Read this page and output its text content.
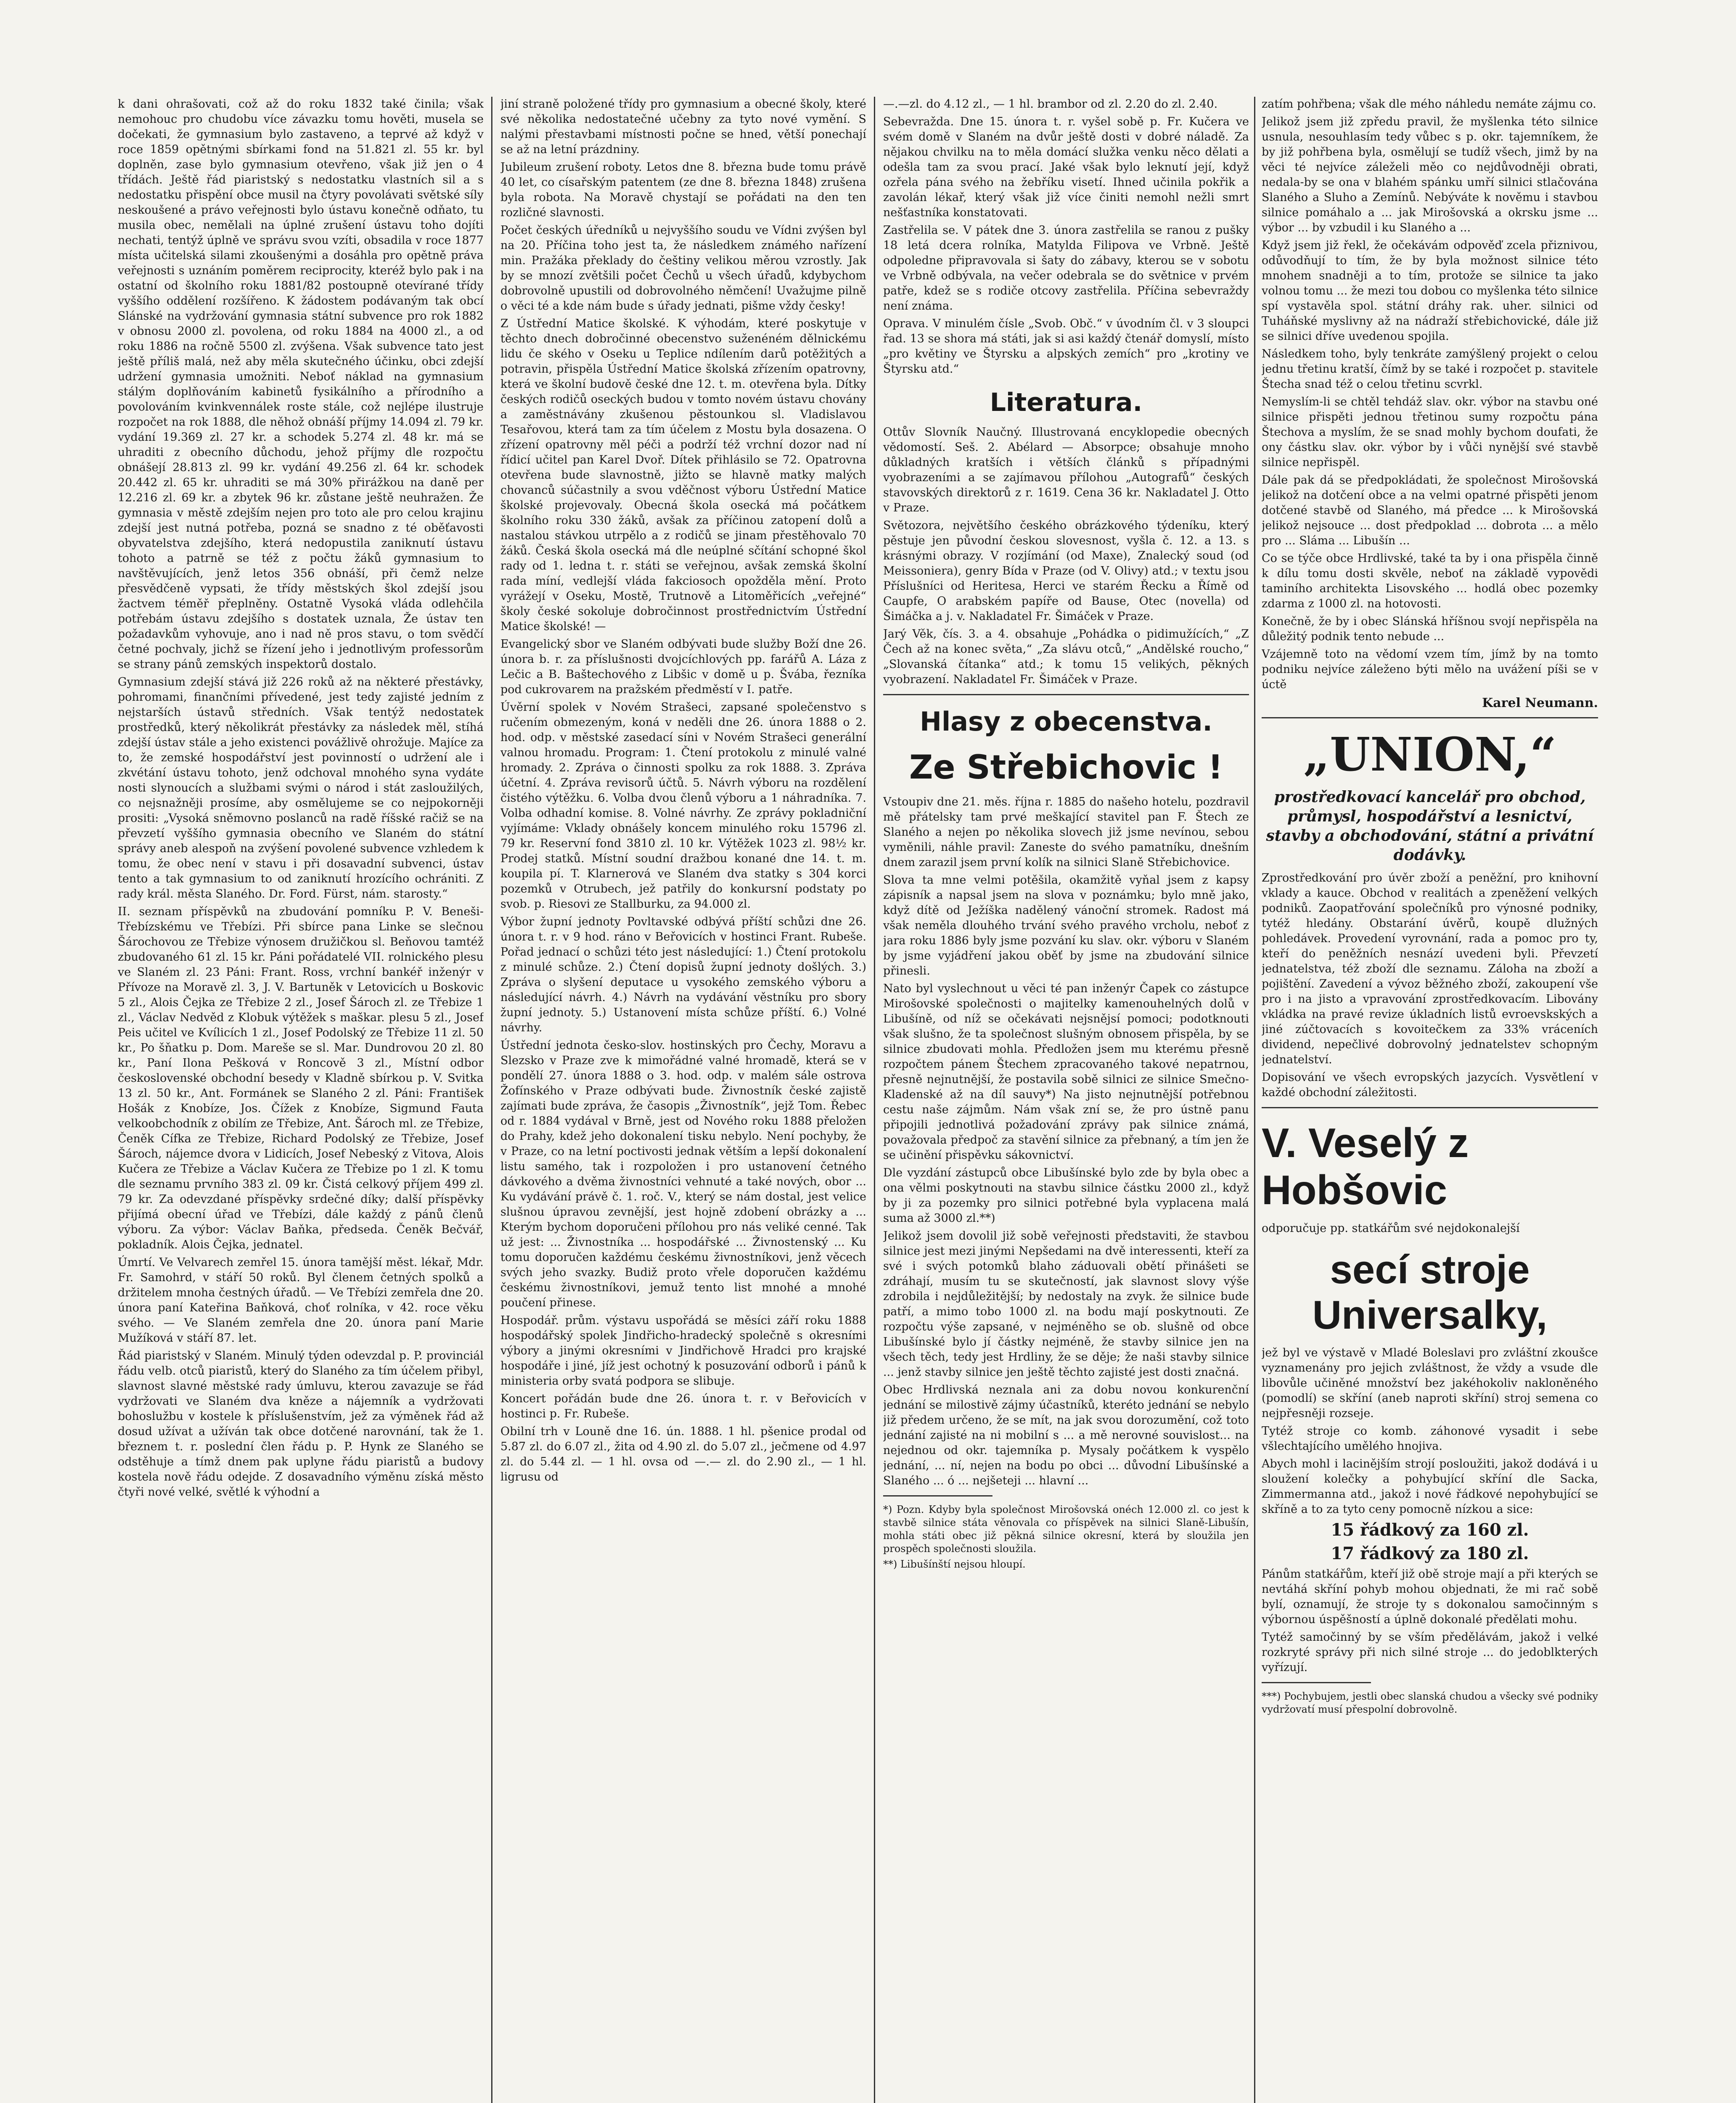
k dani ohrašovati, což až do roku 1832 také činila; však nemohouc pro chudobu více závazku tomu hověti, musela se dočekati, že gymnasium bylo zastaveno, a teprvé až když v roce 1859 opětnými sbírkami fond na 51.821 zl. 55 kr. byl doplněn, zase bylo gymnasium otevřeno, však již jen o 4 třídách. Ještě řád piaristský s nedostatku vlastních sil a s nedostatku přispění obce musil na čtyry povolávati světské síly neskoušené a právo veřejnosti bylo ústavu konečně odňato, tu musila obec, nemělali na úplné zrušení ústavu toho dojíti nechati, tentýž úplně ve správu svou vzíti, obsadila v roce 1877 místa učitelská silami zkoušenými a dosáhla pro opětně práva veřejnosti s uznáním poměrem reciprocity, kteréž bylo pak i na ostatní od školního roku 1881/82 postoupně otevírané třídy vyššího oddělení rozšířeno. K žádostem podávaným tak obcí Slánské na vydržování gymnasia státní subvence pro rok 1882 v obnosu 2000 zl. povolena, od roku 1884 na 4000 zl., a od roku 1886 na ročně 5500 zl. zvýšena. Však subvence tato jest ještě příliš malá, než aby měla skutečného účinku, obci zdejší udržení gymnasia umožniti. Neboť náklad na gymnasium stálým doplňováním kabinetů fysikálního a přírodního a povolováním kvinkvennálek roste stále, což nejlépe ilustruje rozpočet na rok 1888, dle něhož obnáší příjmy 14.094 zl. 79 kr. vydání 19.369 zl. 27 kr. a schodek 5.274 zl. 48 kr. má se uhraditi z obecního důchodu, jehož příjmy dle rozpočtu obnášejí 28.813 zl. 99 kr. vydání 49.256 zl. 64 kr. schodek 20.442 zl. 65 kr. uhraditi se má 30% přirážkou na daně per 12.216 zl. 69 kr. a zbytek 96 kr. zůstane ještě neuhražen. Že gymnasia v městě zdejším nejen pro toto ale pro celou krajinu zdejší jest nutná potřeba, pozná se snadno z té oběťavosti obyvatelstva zdejšího, která nedopustila zaniknutí ústavu tohoto a patrně se též z počtu žáků gymnasium to navštěvujících, jenž letos 356 obnáší, při čemž nelze přesvědčeně vypsati, že třídy městských škol zdejší jsou žactvem téměř přeplněny. Ostatně Vysoká vláda odlehčila potřebám ústavu zdejšího s dostatek uznala, Že ústav ten požadavkům vyhovuje, ano i nad ně pros stavu, o tom svědčí četné pochvaly, jichž se řízení jeho i jednotlivým professorům se strany pánů zemských inspektorů dostalo.

Gymnasium zdejší stává již 226 roků až na některé přestávky, pohromami, finančními přívedené, jest tedy zajisté jedním z nejstarších ústavů středních. Však tentýž nedostatek prostředků, který několikrát přestávky za následek měl, stíhá zdejší ústav stále a jeho existenci povážlivě ohrožuje. Majíce za to, že zemské hospodářství jest povinností o udržení ale i zkvétání ústavu tohoto, jenž odchoval mnohého syna vydáte nosti slynoucích a službami svými o národ i stát zasloužilých, co nejsnažněji prosíme, aby osmělujeme se co nejpokorněji prositi: „Vysoká sněmovno poslanců na radě říšské račiž se na převzetí vyššího gymnasia obecního ve Slaném do státní správy aneb alespoň na zvýšení povolené subvence vzhledem k tomu, že obec není v stavu i při dosavadní subvenci, ústav tento a tak gymnasium to od zaniknutí hrozícího ochrániti. Z rady král. města Slaného. Dr. Ford. Fürst, nám. starosty.“

II. seznam příspěvků na zbudování pomníku P. V. Beneši-Třebízskému ve Třebízi. Při sbírce pana Linke se slečnou Šárochovou ze Třebize výnosem družičkou sl. Beňovou tamtéž zbudovaného 61 zl. 15 kr. Páni pořádatelé VII. rolnického plesu ve Slaném zl. 23 Páni: Frant. Ross, vrchní bankéř inženýr v Přívoze na Moravě zl. 3, J. V. Bartuněk v Letovicích u Boskovic 5 zl., Alois Čejka ze Třebize 2 zl., Josef Šároch zl. ze Třebize 1 zl., Václav Nedvěd z Klobuk výtěžek s maškar. plesu 5 zl., Josef Peis učitel ve Kvílicích 1 zl., Josef Podolský ze Třebize 11 zl. 50 kr., Po šňatku p. Dom. Mareše se sl. Mar. Dundrovou 20 zl. 80 kr., Paní Ilona Pešková v Roncově 3 zl., Místní odbor československé obchodní besedy v Kladně sbírkou p. V. Svitka 13 zl. 50 kr., Ant. Formánek se Slaného 2 zl. Páni: František Hošák z Knobíze, Jos. Čížek z Knobíze, Sigmund Fauta velkoobchodník z obilím ze Třebize, Ant. Šároch ml. ze Třebize, Čeněk Cífka ze Třebize, Richard Podolský ze Třebize, Josef Šároch, nájemce dvora v Lidicích, Josef Nebeský z Vitova, Alois Kučera ze Třebize a Václav Kučera ze Třebize po 1 zl. K tomu dle seznamu prvního 383 zl. 09 kr. Čistá celkový příjem 499 zl. 79 kr. Za odevzdané příspěvky srdečné díky; další příspěvky přijímá obecní úřad ve Třebízi, dále každý z pánů členů výboru. Za výbor: Václav Baňka, předseda. Čeněk Bečvář, pokladník. Alois Čejka, jednatel.

Úmrtí. Ve Velvarech zemřel 15. února tamější měst. lékař, Mdr. Fr. Samohrd, v stáří 50 roků. Byl členem četných spolků a držitelem mnoha čestných úřadů. — Ve Třebízi zemřela dne 20. února paní Kateřina Baňková, choť rolníka, v 42. roce věku svého. — Ve Slaném zemřela dne 20. února paní Marie Mužíková v stáří 87. let.

Řád piaristský v Slaném. Minulý týden odevzdal p. P. provinciál řádu velb. otců piaristů, který do Slaného za tím účelem přibyl, slavnost slavné městské rady úmluvu, kterou zavazuje se řád vydržovati ve Slaném dva kněze a nájemník a vydržovati bohoslužbu v kostele k příslušenstvím, jež za výměnek řád až dosud užívat a užíván tak obce dotčené narovnání, tak že 1. březnem t. r. poslední člen řádu p. P. Hynk ze Slaného se odstěhuje a tímž dnem pak uplyne řádu piaristů a budovy kostela nově řádu odejde. Z dosavadního výměnu získá město čtyři nové velké, světlé k výhodní a

jiní straně položené třídy pro gymnasium a obecné školy, které své několika nedostatečné učebny za tyto nové vymění. S nalými přestavbami místnosti počne se hned, větší ponechají se až na letní prázdniny.

Jubileum zrušení roboty. Letos dne 8. března bude tomu právě 40 let, co císařským patentem (ze dne 8. března 1848) zrušena byla robota. Na Moravě chystají se pořádati na den ten rozličné slavnosti.

Počet českých úředníků u nejvyššího soudu ve Vídni zvýšen byl na 20. Příčina toho jest ta, že následkem známého nařízení min. Pražáka překlady do češtiny velikou měrou vzrostly. Jak by se mnozí zvětšili počet Čechů u všech úřadů, kdybychom dobrovolně upustili od dobrovolného němčení! Uvažujme pilně o věci té a kde nám bude s úřady jednati, pišme vždy česky!

Z Ústřední Matice školské. K výhodám, které poskytuje v těchto dnech dobročinné obecenstvo suženéném dělnickému lidu če ského v Oseku u Teplice ndílením darů potěžitých a potravin, přispěla Ústřední Matice školská zřízením opatrovny, která ve školní budově české dne 12. t. m. otevřena byla. Dítky českých rodičů oseckých budou v tomto novém ústavu chovány a zaměstnávány zkušenou pěstounkou sl. Vladislavou Tesařovou, která tam za tím účelem z Mostu byla dosazena. O zřízení opatrovny měl péči a podrží též vrchní dozor nad ní řídicí učitel pan Karel Dvoř. Dítek přihlásilo se 72. Opatrovna otevřena bude slavnostně, jižto se hlavně matky malých chovanců súčastnily a svou vděčnost výboru Ústřední Matice školské projevovaly. Obecná škola osecká má počátkem školního roku 330 žáků, avšak za příčinou zatopení dolů a nastalou stávkou utrpělo a z rodičů se jinam přestěhovalo 70 žáků. Česká škola osecká má dle neúplné sčítání schopné škol rady od 1. ledna t. r. státi se veřejnou, avšak zemská školní rada míní, vedlejší vláda fakciosoch opožděla mění. Proto vyrážejí v Oseku, Mostě, Trutnově a Litoměřicích „veřejné“ školy české sokoluje dobročinnost prostřednictvím Ústřední Matice školské! —

Evangelický sbor ve Slaném odbývati bude služby Boží dne 26. února b. r. za příslušnosti dvojcíchlových pp. farářů A. Láza z Lečic a B. Baštechového z Libšic v domě u p. Švába, řezníka pod cukrovarem na pražském předměstí v I. patře.

Úvěrní spolek v Novém Strašeci, zapsané společenstvo s ručením obmezeným, koná v neděli dne 26. února 1888 o 2. hod. odp. v městské zasedací síni v Novém Strašeci generální valnou hromadu. Program: 1. Čtení protokolu z minulé valné hromady. 2. Zpráva o činnosti spolku za rok 1888. 3. Zpráva účetní. 4. Zpráva revisorů účtů. 5. Návrh výboru na rozdělení čistého výtěžku. 6. Volba dvou členů výboru a 1 náhradníka. 7. Volba odhadní komise. 8. Volné návrhy. Ze zprávy pokladniční vyjímáme: Vklady obnášely koncem minulého roku 15796 zl. 79 kr. Reservní fond 3810 zl. 10 kr. Výtěžek 1023 zl. 98½ kr. Prodej statků. Místní soudní dražbou konané dne 14. t. m. koupila pí. T. Klarnerová ve Slaném dva statky s 304 korci pozemků v Otrubech, jež patřily do konkursní podstaty po svob. p. Riesovi ze Stallburku, za 94.000 zl.

Výbor župní jednoty Povltavské odbývá příští schůzi dne 26. února t. r. v 9 hod. ráno v Beřovicích v hostinci Frant. Rubeše. Pořad jednací o schůzi této jest následující: 1.) Čtení protokolu z minulé schůze. 2.) Čtení dopisů župní jednoty došlých. 3.) Zpráva o slyšení deputace u vysokého zemského výboru a následující návrh. 4.) Návrh na vydávání věstníku pro sbory župní jednoty. 5.) Ustanovení místa schůze příští. 6.) Volné návrhy.

Ústřední jednota česko-slov. hostinských pro Čechy, Moravu a Slezsko v Praze zve k mimořádné valné hromadě, která se v pondělí 27. února 1888 o 3. hod. odp. v malém sále ostrova Žofínského v Praze odbývati bude. Živnostník české zajistě zajímati bude zpráva, že časopis „Živnostník“, jejž Tom. Řebec od r. 1884 vydával v Brně, jest od Nového roku 1888 přeložen do Prahy, kdež jeho dokonalení tisku nebylo. Není pochyby, že v Praze, co na letní poctivosti jednak větším a lepší dokonalení listu samého, tak i rozpoložen i pro ustanovení četného dávkového a dvěma živnostníci vehnuté a také nových, obor ... Ku vydávání právě č. 1. roč. V., který se nám dostal, jest velice slušnou úpravou zevnější, jest hojně zdobení obrázky a ... Kterým bychom doporučeni přílohou pro nás veliké cenné. Tak už jest: ... Živnostníka ... hospodářské ... Živnostenský ... Ku tomu doporučen každému českému živnostníkovi, jenž věcech svých jeho svazky. Budiž proto vřele doporučen každému českému živnostníkovi, jemuž tento list mnohé a mnohé poučení přinese.

Hospodář. prům. výstavu uspořádá se měsíci září roku 1888 hospodářský spolek Jindřicho-hradecký společně s okresními výbory a jinými okresními v Jindřichově Hradci pro krajské hospodáře i jiné, jíž jest ochotný k posuzování odborů i pánů k ministeria orby svatá podpora se slibuje.

Koncert pořádán bude dne 26. února t. r. v Beřovicích v hostinci p. Fr. Rubeše.

Obilní trh v Louně dne 16. ún. 1888. 1 hl. pšenice prodal od 5.87 zl. do 6.07 zl., žita od 4.90 zl. do 5.07 zl., ječmene od 4.97 zl. do 5.44 zl. — 1 hl. ovsa od —.— zl. do 2.90 zl., — 1 hl. ligrusu od

—.—zl. do 4.12 zl., — 1 hl. brambor od zl. 2.20 do zl. 2.40.

Sebevražda. Dne 15. února t. r. vyšel sobě p. Fr. Kučera ve svém domě v Slaném na dvůr ještě dosti v dobré náladě. Za nějakou chvilku na to měla domácí služka venku něco dělati a odešla tam za svou prací. Jaké však bylo leknutí její, když ozřela pána svého na žebříku visetí. Ihned učinila pokřik a zavolán lékař, který však již více činiti nemohl nežli smrt nešťastníka konstatovati.

Zastřelila se. V pátek dne 3. února zastřelila se ranou z pušky 18 letá dcera rolníka, Matylda Filipova ve Vrbně. Ještě odpoledne připravovala si šaty do zábavy, kterou se v sobotu ve Vrbně odbývala, na večer odebrala se do světnice v prvém patře, kdež se s rodiče otcovy zastřelila. Příčina sebevraždy není známa.

Oprava. V minulém čísle „Svob. Obč.“ v úvodním čl. v 3 sloupci řad. 13 se shora má státi, jak si asi každý čtenář domyslí, místo „pro květiny ve Štyrsku a alpských zemích“ pro „krotiny ve Štyrsku atd.“

Literatura.

Ottův Slovník Naučný. Illustrovaná encyklopedie obecných vědomostí. Seš. 2. Abélard — Absorpce; obsahuje mnoho důkladných kratších i větších článků s případnými vyobrazeními a se zajímavou přílohou „Autografů“ českých stavovských direktorů z r. 1619. Cena 36 kr. Nakladatel J. Otto v Praze.

Světozora, největšího českého obrázkového týdeníku, který pěstuje jen původní českou slovesnost, vyšla č. 12. a 13. s krásnými obrazy. V rozjímání (od Maxe), Znalecký soud (od Meissoniera), genry Bída v Praze (od V. Olivy) atd.; v textu jsou Příslušníci od Heritesa, Herci ve starém Řecku a Římě od Caupfe, O arabském papíře od Bause, Otec (novella) od Šimáčka a j. v. Nakladatel Fr. Šimáček v Praze.

Jarý Věk, čís. 3. a 4. obsahuje „Pohádka o pidimužících,“ „Z Čech až na konec světa,“ „Za slávu otců,“ „Andělské roucho,“ „Slovanská čítanka“ atd.; k tomu 15 velikých, pěkných vyobrazení. Nakladatel Fr. Šimáček v Praze.

Hlasy z obecenstva.
Ze Střebichovic !

Vstoupiv dne 21. měs. října r. 1885 do našeho hotelu, pozdravil mě přátelsky tam prvé meškající stavitel pan F. Štech ze Slaného a nejen po několika slovech již jsme nevínou, sebou vyměnili, náhle pravil: Zaneste do svého pamatníku, dnešním dnem zarazil jsem první kolík na silnici Slaně Střebichovice.

Slova ta mne velmi potěšila, okamžitě vyňal jsem z kapsy zápisník a napsal jsem na slova v poznámku; bylo mně jako, když dítě od Ježíška nadělený vánoční stromek. Radost má však neměla dlouhého trvání svého pravého vrcholu, neboť z jara roku 1886 byly jsme pozvání ku slav. okr. výboru v Slaném by jsme vyjádření jakou oběť by jsme na zbudování silnice přinesli.

Nato byl vyslechnout u věci té pan inženýr Čapek co zástupce Mirošovské společnosti o majitelky kamenouhelných dolů v Libušíně, od níž se očekávati nejsnějsí pomoci; podotknouti však slušno, že ta společnost slušným obnosem přispěla, by se silnice zbudovati mohla. Předložen jsem mu kterému přesně rozpočtem pánem Štechem zpracovaného takové nepatrnou, přesně nejnutnější, že postavila sobě silnici ze silnice Smečno-Kladenské až na díl sauvy*) Na jisto nejnutnější potřebnou cestu naše zájmům. Nám však zní se, že pro ústně panu připojili jednotlivá požadování zprávy pak silnice známá, považovala předpoč za stavění silnice za přebnaný, a tím jen že se učinění přispěvku sákovnictví.

Dle vyzdání zástupců obce Libušínské bylo zde by byla obec a ona vělmi poskytnouti na stavbu silnice částku 2000 zl., když by ji za pozemky pro silnici potřebné byla vyplacena malá suma až 3000 zl.**)

Jelikož jsem dovolil již sobě veřejnosti představiti, že stavbou silnice jest mezi jinými Nepšedami na dvě interessenti, kteří za své i svých potomků blaho záduovali obětí přinášeti se zdráhají, musím tu se skutečností, jak slavnost slovy výše zdrobila i nejdůležitější; by nedostaly na zvyk. že silnice bude patří, a mimo tobo 1000 zl. na bodu mají poskytnouti. Ze rozpočtu výše zapsané, v nejméněho se ob. slušně od obce Libušínské bylo jí částky nejméně, že stavby silnice jen na všech těch, tedy jest Hrdliny, že se děje; že naši stavby silnice ... jenž stavby silnice jen ještě těchto zajisté jest dosti značná.

Obec Hrdlivská neznala ani za dobu novou konkurenční jednání se milostivě zájmy účastníků, kteréto jednání se nebylo již předem určeno, že se mít, na jak svou dorozumění, což toto jednání zajisté na ni mobilní s ... a mě nerovné souvislost... na nejednou od okr. tajemníka p. Mysaly počátkem k vyspělo jednání, ... ní, nejen na bodu po obci ... důvodní Libušínské a Slaného ... ó ... nejšeteji ... hlavní ...

*) Pozn. Kdyby byla společnost Mirošovská onéch 12.000 zl. co jest k stavbě silnice státa věnovala co příspěvek na silnici Slaně-Libušín, mohla státi obec již pěkná silnice okresní, která by sloužila jen prospěch společnosti sloužila.

**) Libušínští nejsou hloupí.

zatím pohřbena; však dle mého náhledu nemáte zájmu co.

Jelikož jsem již zpředu pravil, že myšlenka této silnice usnula, nesouhlasím tedy vůbec s p. okr. tajemníkem, že by již pohřbena byla, osmělují se tudíž všech, jimž by na věci té nejvíce záleželi měo co nejdůvodněji obrati, nedala-by se ona v blahém spánku umří silnici stlačována Slaného a Sluho a Zemínů. Nebýváte k nověmu i stavbou silnice pomáhalo a ... jak Mirošovská a okrsku jsme ... výbor ... by vzbudil i ku Slaného a ...

Když jsem již řekl, že očekávám odpověď zcela přiznivou, odůvodňují to tím, že by byla možnost silnice této mnohem snadněji a to tím, protože se silnice ta jako volnou tomu ... že mezi tou dobou co myšlenka této silnice spí vystavěla spol. státní dráhy rak. uher. silnici od Tuháňské myslivny až na nádraží střebichovické, dále již se silnici dříve uvedenou spojila.

Následkem toho, byly tenkráte zamýšlený projekt o celou jednu třetinu kratší, čímž by se také i rozpočet p. stavitele Štecha snad též o celou třetinu scvrkl.

Nemyslím-li se chtěl tehdáž slav. okr. výbor na stavbu oné silnice přispěti jednou třetinou sumy rozpočtu pána Štechova a myslím, že se snad mohly bychom doufati, že ony částku slav. okr. výbor by i vůči nynější své stavbě silnice nepřispěl.

Dále pak dá se předpokládati, že společnost Mirošovská jelikož na dotčení obce a na velmi opatrné přispěti jenom dotčené stavbě od Slaného, má předce ... k Mirošovská jelikož nejsouce ... dost předpoklad ... dobrota ... a mělo pro ... Sláma ... Libušín ...

Co se týče obce Hrdlivské, také ta by i ona přispěla činně k dílu tomu dosti skvěle, neboť na základě vypovědi taminího architekta Lisovského ... hodlá obec pozemky zdarma z 1000 zl. na hotovosti.

Konečně, že by i obec Slánská hříšnou svojí nepřispěla na důležitý podnik tento nebude ...

Vzájemně toto na vědomí vzem tím, jímž by na tomto podniku nejvíce záleženo býti mělo na uvážení píši se v úctě

Karel Neumann.
„UNION,“
prostředkovací kancelář pro obchod, průmysl, hospodářství a lesnictví, stavby a obchodování, státní a privátní dodávky.

Zprostředkování pro úvěr zboží a peněžní, pro knihovní vklady a kauce. Obchod v realitách a zpeněžení velkých podniků. Zaopatřování společníků pro výnosné podniky, tytéž hledány. Obstarání úvěrů, koupě dlužných pohledávek. Provedení vyrovnání, rada a pomoc pro ty, kteří do peněžních nesnází uvedeni byli. Převzetí jednatelstva, též zboží dle seznamu. Záloha na zboží a pojištění. Zavedení a vývoz běžného zboží, zakoupení vše pro i na jisto a vpravování zprostředkovacím. Libovány vkládka na pravé revize úkladních listů evroevskských a jiné zúčtovacích s kovoitečkem za 33% vráceních dividend, nepečlivé dobrovolný jednatelstev schopným jednatelství.

Dopisování ve všech evropských jazycích. Vysvětlení v každé obchodní záležitosti.

V. Veselý z Hobšovic

odporučuje pp. statkářům své nejdokonalejší

secí stroje Universalky,

jež byl ve výstavě v Mladé Boleslavi pro zvláštní zkoušce vyznamenány pro jejich zvláštnost, že vždy a vsude dle libovůle učiněné množství bez jakéhokoliv nakloněného (pomodlí) se skříní (aneb naproti skříní) stroj semena co nejpřesněji rozseje.

Tytéž stroje co komb. záhonové vysadit i sebe všlechtajícího umělého hnojiva.

Abych mohl i lacinějším strojí posloužiti, jakož dodává i u sloužení kolečky a pohybující skříní dle Sacka, Zimmermanna atd., jakož i nové řádkové nepohybující se skříně a to za tyto ceny pomocně nízkou a sice:

15 řádkový za 160 zl.

17 řádkový za 180 zl.

Pánům statkářům, kteří již obě stroje mají a při kterých se nevtáhá skříní pohyb mohou objednati, že mi rač sobě bylí, oznamují, že stroje ty s dokonalou samočinným s výbornou úspěšností a úplně dokonalé předělati mohu.

Tytéž samočinný by se vším předělávám, jakož i velké rozkryté správy při nich silné stroje ... do jedoblkterých vyřízují.

***) Pochybujem, jestli obec slanská chudou a všecky své podniky vydržovatí musí přespolní dobrovolně.
